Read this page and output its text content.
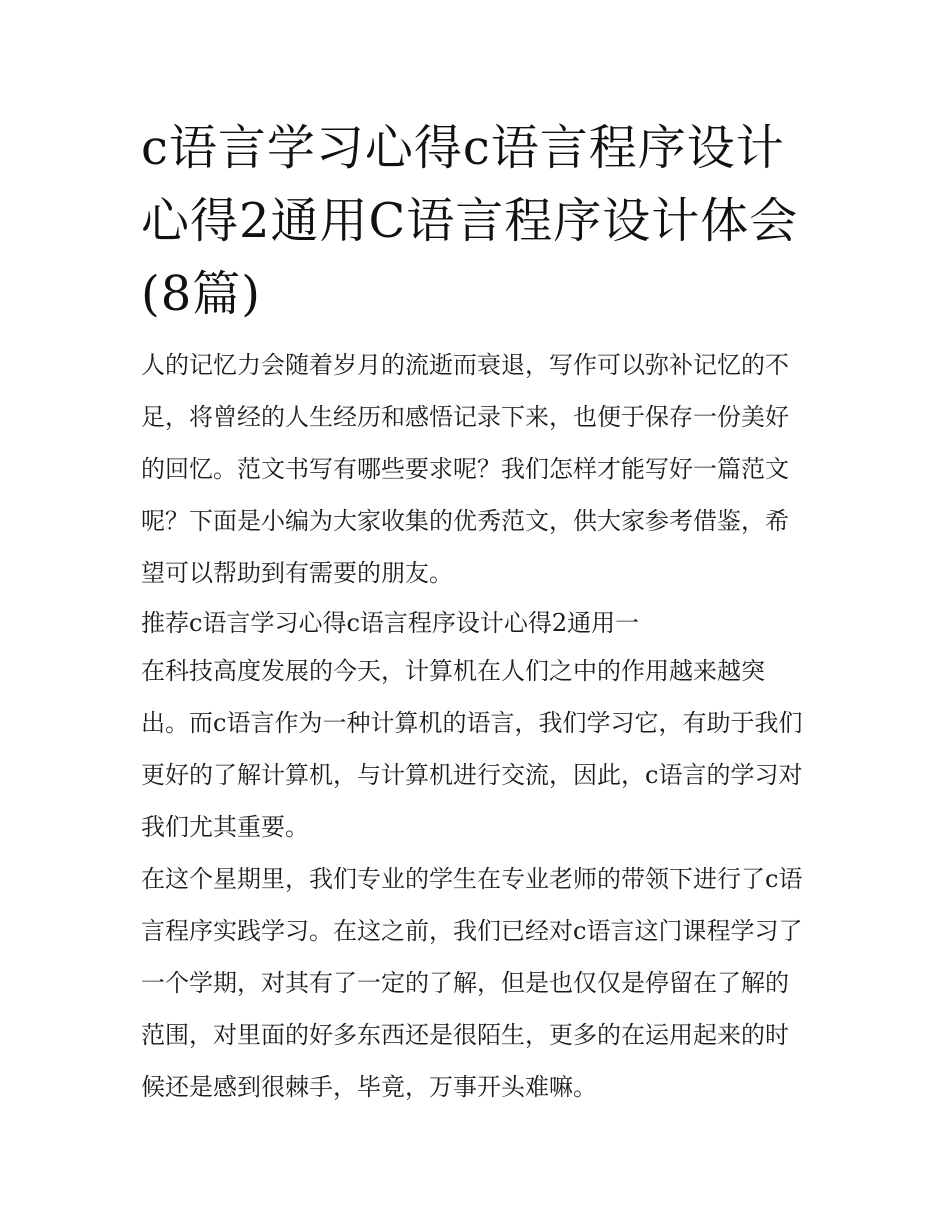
c语言学习心得c语言程序设计心得2通用C语言程序设计体会(8篇)

人的记忆力会随着岁月的流逝而衰退，写作可以弥补记忆的不足，将曾经的人生经历和感悟记录下来，也便于保存一份美好的回忆。范文书写有哪些要求呢？我们怎样才能写好一篇范文呢？下面是小编为大家收集的优秀范文，供大家参考借鉴，希望可以帮助到有需要的朋友。

推荐c语言学习心得c语言程序设计心得2通用一

在科技高度发展的今天，计算机在人们之中的作用越来越突出。而c语言作为一种计算机的语言，我们学习它，有助于我们更好的了解计算机，与计算机进行交流，因此，c语言的学习对我们尤其重要。

在这个星期里，我们专业的学生在专业老师的带领下进行了c语言程序实践学习。在这之前，我们已经对c语言这门课程学习了一个学期，对其有了一定的了解，但是也仅仅是停留在了解的范围，对里面的好多东西还是很陌生，更多的在运用起来的时候还是感到很棘手，毕竟，万事开头难嘛。
